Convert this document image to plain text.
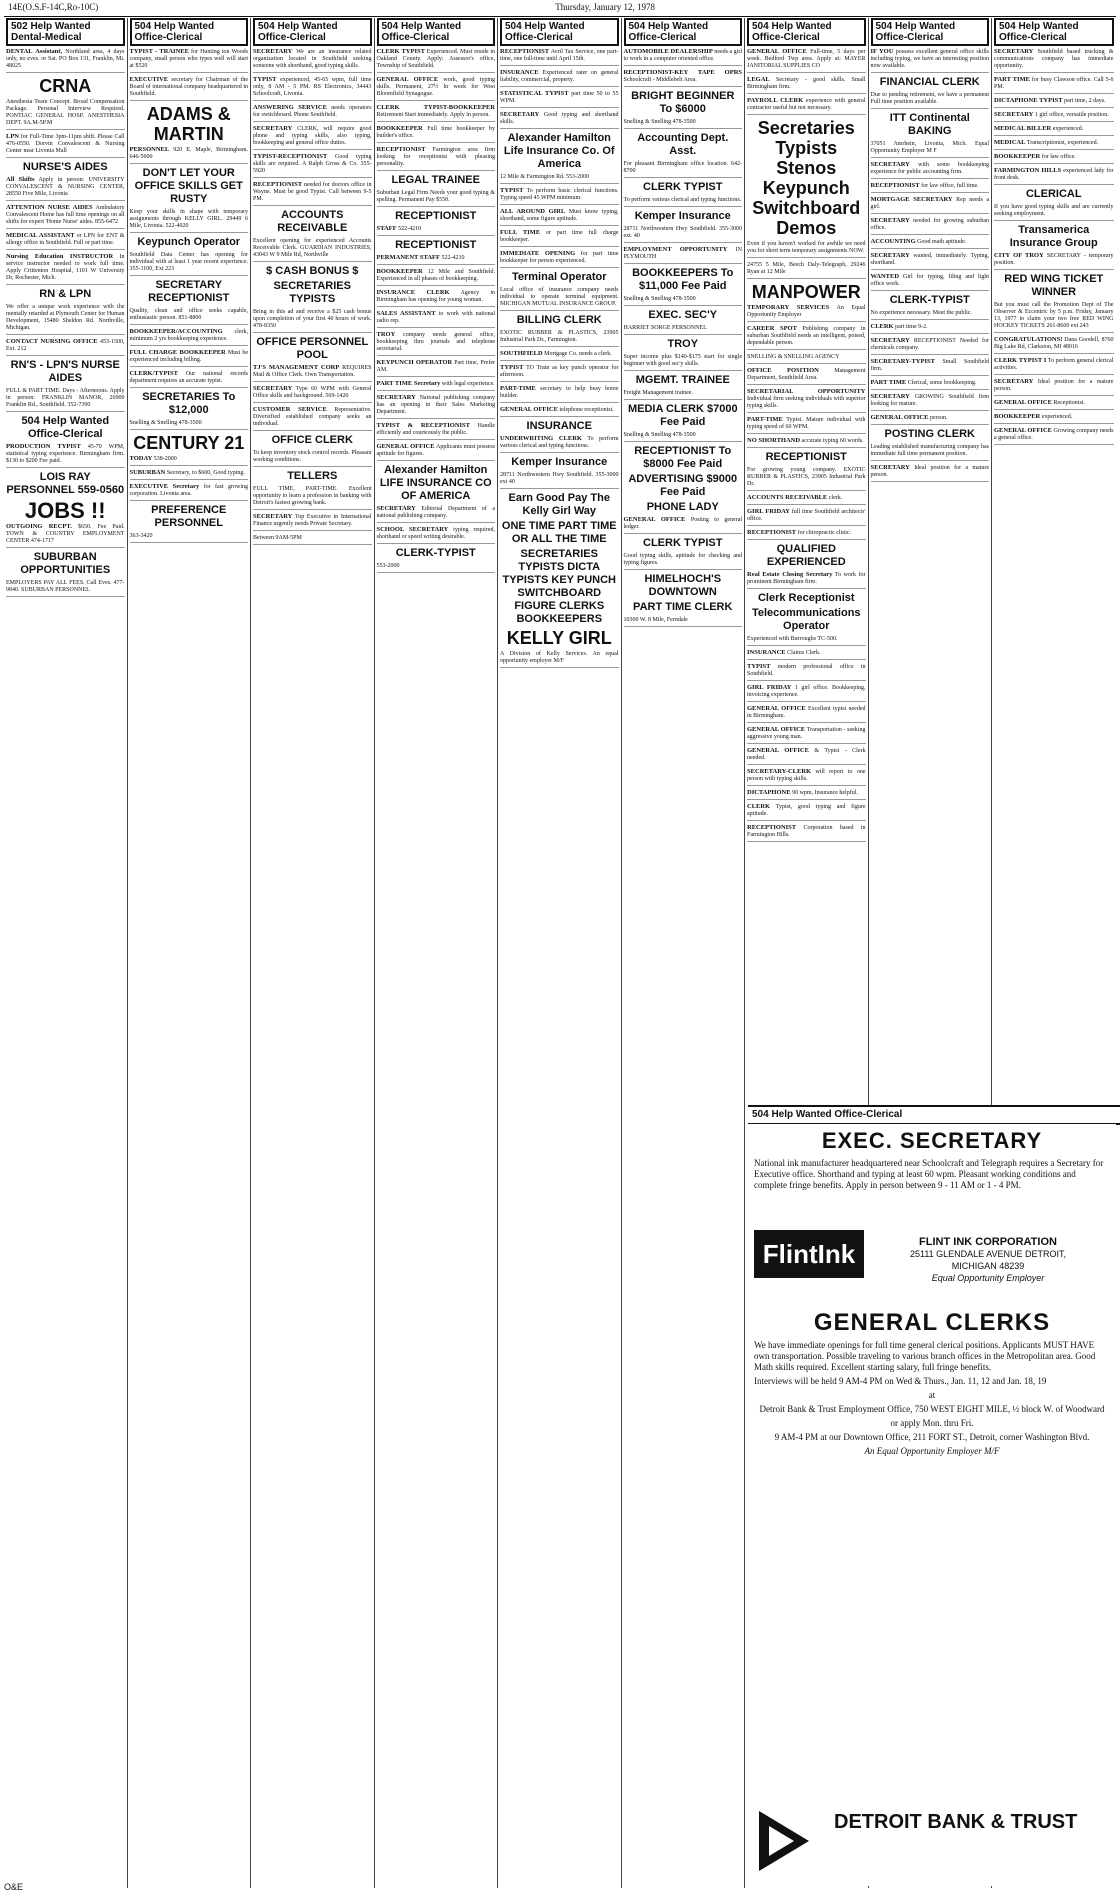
14E(O.S.F-14C,Ro-10C)	Thursday, January 12, 1978
502 Help Wanted Dental-Medical
DENTAL Assistant, Northland area, 4 days only, no eves. or Sat. PO Box 131, Franklin, Mi. 48025
CRNA
Anesthesia Team Concept. Broad Compensation Package. Personal Interview Required. PONTIAC GENERAL HOSP. ANESTHESIA DEPT. 9A.M-5P.M
LPN for Full-Time 3pm-11pm shift. Please Call 476-0550. Dorvin Convalescent & Nursing Center near Livonia Mall
NURSE'S AIDES
All Shifts Apply in person: UNIVERSITY CONVALESCENT & NURSING CENTER, 28550 Five Mile, Livonia
ATTENTION NURSE AIDES Ambulatory Convalescent Home has full time openings on all shifts for expert 'Home Nurse' aides. 855-6472
MEDICAL ASSISTANT or LPN for ENT & allergy office in Southfield. Full or part time.
Nursing Education INSTRUCTOR In service instructor needed to work full time. Apply Crittenton Hospital, 1101 W University Dr, Rochester, Mich.
RN & LPN
We offer a unique work experience with the mentally retarded at Plymouth Center for Human Development, 15480 Sheldon Rd. Northville, Michigan.
CONTACT NURSING OFFICE 453-1500, Ext. 212
RN'S - LPN'S NURSE AIDES
FULL & PART TIME. Days - Afternoons. Apply in person: FRANKLIN MANOR, 26900 Franklin Rd., Southfield. 352-7390
504 Help Wanted Office-Clerical
PRODUCTION TYPIST 45-70 WPM, statistical typing experience. Birmingham firm. $130 to $200 Fee paid.
LOIS RAY PERSONNEL 559-0560
JOBS !!
OUTGOING RECPT. $650. Fee Paid. TOWN & COUNTRY EMPLOYMENT CENTER 474-1717
SUBURBAN OPPORTUNITIES
EMPLOYERS PAY ALL FEES. Call Eves. 477-9840. SUBURBAN PERSONNEL
504 Help Wanted Office-Clerical
TYPIST - TRAINEE for Hunting ton Woods company, small person who types well will start at $520
EXECUTIVE secretary for Chairman of the Board of international company headquartered in Southfield.
ADAMS & MARTIN
PERSONNEL 920 E. Maple, Birmingham. 646-5600
DON'T LET YOUR OFFICE SKILLS GET RUSTY
Keep your skills in shape with temporary assignments through KELLY GIRL. 29449 6 Mile, Livonia. 522-4020
Keypunch Operator
Southfield Data Center has opening for individual with at least 1 year recent experience. 355-1100, Ext 223
SECRETARY RECEPTIONIST
Quality, clean and office seeks capable, enthusiastic person. 851-8800
BOOKKEEPER/ACCOUNTING clerk, minimum 2 yrs bookkeeping experience.
FULL CHARGE BOOKKEEPER Must be experienced including billing.
CLERK/TYPIST Our national records department requires an accurate typist.
SECRETARIES To $12,000
Snelling & Snelling 478-3500
CENTURY 21
TODAY 538-2000
SUBURBAN Secretary, to $600, Good typing.
EXECUTIVE Secretary for fast growing corporation. Livonia area.
PREFERENCE PERSONNEL
363-3420
504 Help Wanted Office-Clerical
SECRETARY We are an insurance related organization located in Southfield seeking someone with shorthand, good typing skills.
TYPIST experienced, 45-65 wpm, full time only, 8 AM - 5 PM. RS Electronics, 34443 Schoolcraft, Livonia.
ANSWERING SERVICE needs operators for switchboard. Phone Southfield.
SECRETARY CLERK, will require good phone and typing skills, also typing, bookkeeping and general office duties.
TYPIST-RECEPTIONIST Good typing skills are required. A Ralph Gross & Co. 355-5920
RECEPTIONIST needed for doctors office in Wayne. Must be good Typist. Call between 9-5 PM.
ACCOUNTS RECEIVABLE
Excellent opening for experienced Accounts Receivable Clerk. GUARDIAN INDUSTRIES, 43043 W 9 Mile Rd, Northville
$ CASH BONUS $
SECRETARIES TYPISTS
Bring in this ad and receive a $25 cash bonus upon completion of your first 40 hours of work. 478-8350
OFFICE PERSONNEL POOL
TJ'S MANAGEMENT CORP REQUIRES Mail & Office Clerk. Own Transportation.
SECRETARY Type 60 WPM with General Office skills and background. 569-1420
CUSTOMER SERVICE Representative. Diversified established company seeks an individual.
OFFICE CLERK
To keep inventory stock control records. Pleasant working conditions.
TELLERS
FULL TIME, PART-TIME. Excellent opportunity to learn a profession in banking with Detroit's fastest growing bank.
SECRETARY Top Executive in International Finance urgently needs Private Secretary.
Between 9AM-5PM
504 Help Wanted Office-Clerical
CLERK TYPIST Experienced. Must reside in Oakland County. Apply: Assessor's office, Township of Southfield.
GENERAL OFFICE work, good typing skills. Permanent, 27½ hr week for West Bloomfield Synagogue.
CLERK TYPIST-BOOKKEEPER Retirement Start immediately. Apply in person.
BOOKKEEPER Full time bookkeeper by builder's office.
RECEPTIONIST Farmington area firm looking for receptionist with pleasing personality.
LEGAL TRAINEE
Suburban Legal Firm Needs your good typing & spelling. Permanent Pay $550.
RECEPTIONIST
STAFF 522-4210
RECEPTIONIST
PERMANENT STAFF 522-4210
BOOKKEEPER 12 Mile and Southfield. Experienced in all phases of bookkeeping.
INSURANCE CLERK Agency in Birmingham has opening for young woman.
SALES ASSISTANT to work with national radio rep.
TROY company needs general office, bookkeeping thru journals and telephone secretarial.
KEYPUNCH OPERATOR Part time, Prefer AM.
PART TIME Secretary with legal experience.
SECRETARY National publishing company has an opening in their Sales Marketing Department.
TYPIST & RECEPTIONIST Handle efficiently and courteously the public.
GENERAL OFFICE Applicants must possess aptitude for figures.
Alexander Hamilton LIFE INSURANCE CO OF AMERICA
SECRETARY Editorial Department of a national publishing company.
SCHOOL SECRETARY typing required, shorthand or speed writing desirable.
CLERK-TYPIST
553-2000
504 Help Wanted Office-Clerical
RECEPTIONIST Avril Tax Service, one part-time, one full-time until April 15th.
INSURANCE Experienced rater on general liability, commercial, property.
STATISTICAL TYPIST part time 50 to 55 WPM.
SECRETARY Good typing and shorthand skills.
Alexander Hamilton Life Insurance Co. Of America
12 Mile & Farmington Rd. 553-2000
TYPIST To perform basic clerical functions. Typing speed 45 WPM minimum.
ALL AROUND GIRL Must know typing, shorthand, some figure aptitude.
FULL TIME or part time full charge bookkeeper.
IMMEDIATE OPENING for part time bookkeeper for person experienced.
Terminal Operator
Local office of insurance company needs individual to operate terminal equipment. MICHIGAN MUTUAL INSURANCE GROUP.
BILLING CLERK
EXOTIC RUBBER & PLASTICS, 23905 Industrial Park Dr., Farmington.
SOUTHFIELD Mortgage Co. needs a clerk.
TYPIST TO Train as key punch operator for afternoon.
PART-TIME secretary to help busy home builder.
GENERAL OFFICE telephone receptionist.
INSURANCE
UNDERWRITING CLERK To perform various clerical and typing functions.
Kemper Insurance
28711 Northwestern Hwy Southfield. 355-3000 ext 40
Earn Good Pay The Kelly Girl Way
ONE TIME PART TIME OR ALL THE TIME
SECRETARIES TYPISTS DICTA TYPISTS KEY PUNCH SWITCHBOARD FIGURE CLERKS BOOKKEEPERS
KELLY GIRL
A Division of Kelly Services. An equal opportunity employer M/F
504 Help Wanted Office-Clerical
AUTOMOBILE DEALERSHIP needs a girl to work in a computer oriented office.
RECEPTIONIST-KEY TAPE OPRS Schoolcraft - Middlebelt Area.
BRIGHT BEGINNER To $6000
Snelling & Snelling 478-3500
Accounting Dept. Asst.
For pleasant Birmingham office location. 642-8700
CLERK TYPIST
To perform various clerical and typing functions.
Kemper Insurance
28711 Northwestern Hwy Southfield. 355-3000 ext. 40
EMPLOYMENT OPPORTUNITY IN PLYMOUTH
BOOKKEEPERS To $11,000 Fee Paid
Snelling & Snelling 478-3500
EXEC. SEC'Y
HARRIET SORGE PERSONNEL
TROY
Super income plus $140-$175 start for single beginner with good sec'y skills.
MGEMT. TRAINEE
Freight Management trainee.
MEDIA CLERK $7000 Fee Paid
Snelling & Snelling 478-3500
RECEPTIONIST To $8000 Fee Paid
ADVERTISING $9000 Fee Paid
PHONE LADY
GENERAL OFFICE Posting to general ledger.
CLERK TYPIST
Good typing skills, aptitude for checking and typing figures.
HIMELHOCH'S DOWNTOWN
PART TIME CLERK
10300 W. 8 Mile, Ferndale
504 Help Wanted Office-Clerical
GENERAL OFFICE Full-time, 5 days per week. Bedford Twp area. Apply at: MAYER JANITORIAL SUPPLIES CO
LEGAL Secretary - good skills. Small Birmingham firm.
PAYROLL CLERK experience with general contractor useful but not necessary.
Secretaries Typists Stenos Keypunch Switchboard Demos
Even if you haven't worked for awhile we need you for short term temporary assignments NOW.
24755 5 Mile, Beech Daly-Telegraph, 29246 Ryan at 12 Mile
MANPOWER
TEMPORARY SERVICES An Equal Opportunity Employer
CAREER SPOT Publishing company in suburban Southfield needs an intelligent, poised, dependable person.
SNELLING & SNELLING AGENCY
OFFICE POSITION	Management Department, Southfield Area.
SECRETARIAL OPPORTUNITY Individual firm seeking individuals with superior typing skills.
PART-TIME Typist. Mature individual with typing speed of 60 WPM.
NO SHORTHAND accurate typing 60 words.
RECEPTIONIST
For growing young company. EXOTIC RUBBER & PLASTICS, 23905 Industrial Park Dr.
ACCOUNTS RECEIVABLE clerk.
GIRL FRIDAY full time Southfield architects' office.
RECEPTIONIST for chiropractic clinic.
QUALIFIED EXPERIENCED
Real Estate Closing Secretary To work for prominent Birmingham firm.
Clerk Receptionist
Telecommunications Operator
Experienced with Burroughs TC-500.
INSURANCE Claims Clerk.
TYPIST modern professional office in Southfield.
GIRL FRIDAY 1 girl office. Bookkeeping, invoicing experience.
GENERAL OFFICE Excellent typist needed in Birmingham.
GENERAL OFFICE Transportation - seeking aggressive young man.
GENERAL OFFICE & Typist - Clerk needed.
SECRETARY-CLERK will report to one person with typing skills.
DICTAPHONE 90 wpm, Insurance helpful.
CLERK Typist, good typing and figure aptitude.
RECEPTIONIST Corporation based in Farmington Hills.
504 Help Wanted Office-Clerical
IF YOU possess excellent general office skills including typing, we have an interesting position now available.
FINANCIAL CLERK
Due to pending retirement, we have a permanent Full time position available.
ITT Continental BAKING
37051 Amrhein, Livonia, Mich. Equal Opportunity Employer M F
SECRETARY with some bookkeeping experience for public accounting firm.
RECEPTIONIST for law office, full time.
MORTGAGE SECRETARY Rep needs a girl.
SECRETARY needed for growing suburban office.
ACCOUNTING Good math aptitude.
SECRETARY wanted, immediately. Typing, shorthand.
WANTED Girl for typing, filing and light office work.
CLERK-TYPIST
No experience necessary. Meet the public.
CLERK part time 9-2.
SECRETARY RECEPTIONIST Needed for chemicals company.
SECRETARY-TYPIST Small Southfield firm.
PART TIME Clerical, some bookkeeping.
SECRETARY GROWING Southfield firm looking for mature.
GENERAL OFFICE person.
POSTING CLERK
Leading established manufacturing company has immediate full time permanent position.
SECRETARY Ideal position for a mature person.
504 Help Wanted Office-Clerical
SECRETARY Southfield based trucking & communications company has immediate opportunity.
PART TIME for busy Clawson office. Call 5-6 PM.
DICTAPHONE TYPIST part time, 2 days.
SECRETARY 1 girl office, versatile position.
MEDICAL BILLER experienced.
MEDICAL Transcriptionist, experienced.
BOOKKEEPER for law office.
FARMINGTON HILLS experienced lady for front desk.
CLERICAL
If you have good typing skills and are currently seeking employment.
Transamerica Insurance Group
CITY OF TROY SECRETARY - temporary position.
RED WING TICKET WINNER
But you must call the Promotion Dept of The Observer & Eccentric by 5 p.m. Friday, January 13, 1977 to claim your two free RED WING HOCKEY TICKETS 261-8600 ext 243
CONGRATULATIONS! Dana Goodell, 8760 Big Lake Rd, Clarkston, MI 48016
CLERK TYPIST I To perform general clerical activities.
SECRETARY Ideal position for a mature person.
GENERAL OFFICE Receptionist.
BOOKKEEPER experienced.
GENERAL OFFICE Growing company needs a general office.
504 Help Wanted Office-Clerical
EXEC. SECRETARY

National ink manufacturer headquartered near Schoolcraft and Telegraph requires a Secretary for Executive office. Shorthand and typing at least 60 wpm. Pleasant working conditions and complete fringe benefits. Apply in person between 9 - 11 AM or 1 - 4 PM.

FlintInk	FLINT INK CORPORATION
25111 GLENDALE AVENUE DETROIT, MICHIGAN 48239
Equal Opportunity Employer
GENERAL CLERKS

We have immediate openings for full time general clerical positions. Applicants MUST HAVE own transportation. Possible traveling to various branch offices in the Metropolitan area. Good Math skills required. Excellent starting salary, full fringe benefits.

Interviews will be held 9 AM-4 PM on Wed & Thurs., Jan. 11, 12 and Jan. 18, 19

at

Detroit Bank & Trust Employment Office, 750 WEST EIGHT MILE, ½ block W. of Woodward

or apply Mon. thru Fri.

9 AM-4 PM at our Downtown Office, 211 FORT ST., Detroit, corner Washington Blvd.

An Equal Opportunity Employer M/F

DETROIT BANK & TRUST
O&E
